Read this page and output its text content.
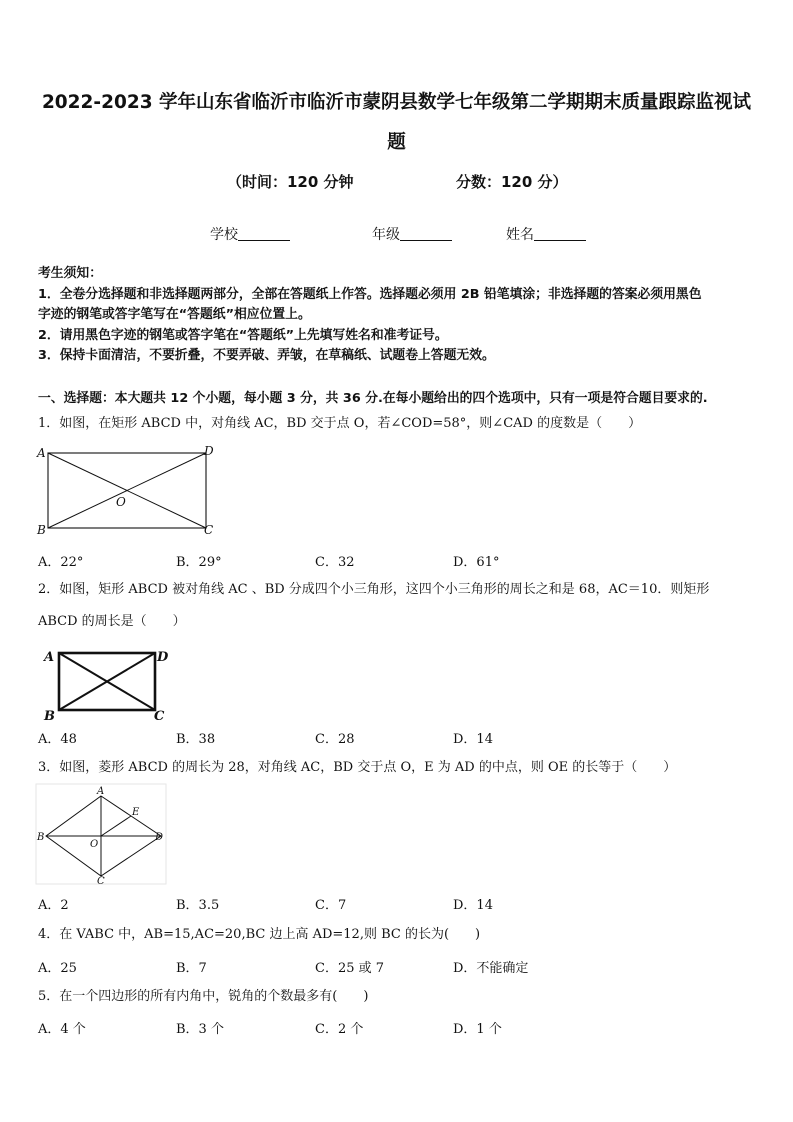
2022-2023 学年山东省临沂市临沂市蒙阴县数学七年级第二学期期末质量跟踪监视试
题
（时间：120 分钟	分数：120 分）
学校	年级	姓名
考生须知：
1．全卷分选择题和非选择题两部分，全部在答题纸上作答。选择题必须用 2B 铅笔填涂；非选择题的答案必须用黑色
字迹的钢笔或答字笔写在“答题纸”相应位置上。
2．请用黑色字迹的钢笔或答字笔在“答题纸”上先填写姓名和准考证号。
3．保持卡面清洁，不要折叠，不要弄破、弄皱，在草稿纸、试题卷上答题无效。
一、选择题：本大题共 12 个小题，每小题 3 分，共 36 分.在每小题给出的四个选项中，只有一项是符合题目要求的.
1．如图，在矩形 ABCD 中，对角线 AC，BD 交于点 O，若∠COD=58°，则∠CAD 的度数是（　　）
A	D
B	C
O
A．22°	B．29°	C．32	D．61°
2．如图，矩形 ABCD 被对角线 AC 、BD 分成四个小三角形，这四个小三角形的周长之和是 68，AC＝10．则矩形
ABCD 的周长是（　　）
A	D
B	C
A．48	B．38	C．28	D．14
3．如图，菱形 ABCD 的周长为 28，对角线 AC，BD 交于点 O，E 为 AD 的中点，则 OE 的长等于（　　）
A
B	D
C
E
O
A．2	B．3.5	C．7	D．14
4．在 VABC 中，AB=15,AC=20,BC 边上高 AD=12,则 BC 的长为(　　)
A．25	B．7	C．25 或 7	D．不能确定
5．在一个四边形的所有内角中，锐角的个数最多有(　　)
A．4 个	B．3 个	C．2 个	D．1 个
